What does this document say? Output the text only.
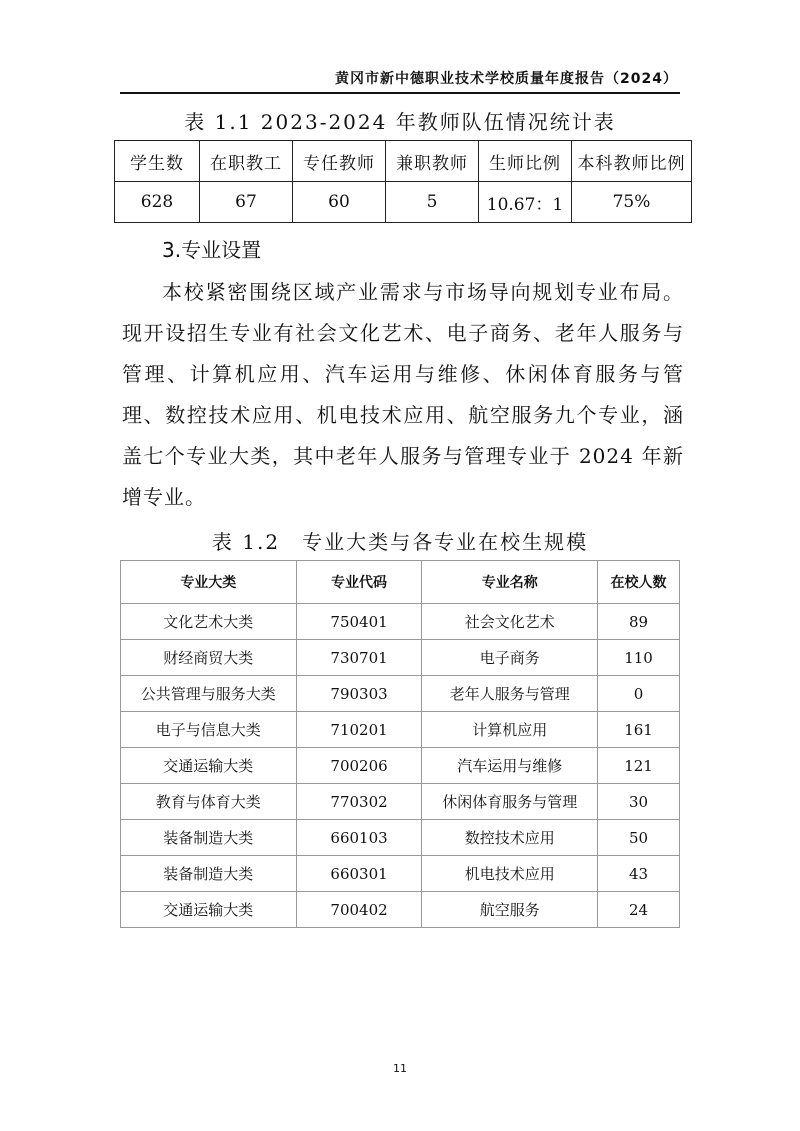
黄冈市新中德职业技术学校质量年度报告（2024）
表 1.1 2023-2024 年教师队伍情况统计表
学生数	在职教工	专任教师	兼职教师	生师比例	本科教师比例
628	67	60	5	10.67：1	75%
3.专业设置
本校紧密围绕区域产业需求与市场导向规划专业布局。现开设招生专业有社会文化艺术、电子商务、老年人服务与管理、计算机应用、汽车运用与维修、休闲体育服务与管理、数控技术应用、机电技术应用、航空服务九个专业，涵盖七个专业大类，其中老年人服务与管理专业于 2024 年新增专业。
表 1.2　专业大类与各专业在校生规模
专业大类	专业代码	专业名称	在校人数
文化艺术大类	750401	社会文化艺术	89
财经商贸大类	730701	电子商务	110
公共管理与服务大类	790303	老年人服务与管理	0
电子与信息大类	710201	计算机应用	161
交通运输大类	700206	汽车运用与维修	121
教育与体育大类	770302	休闲体育服务与管理	30
装备制造大类	660103	数控技术应用	50
装备制造大类	660301	机电技术应用	43
交通运输大类	700402	航空服务	24
11
